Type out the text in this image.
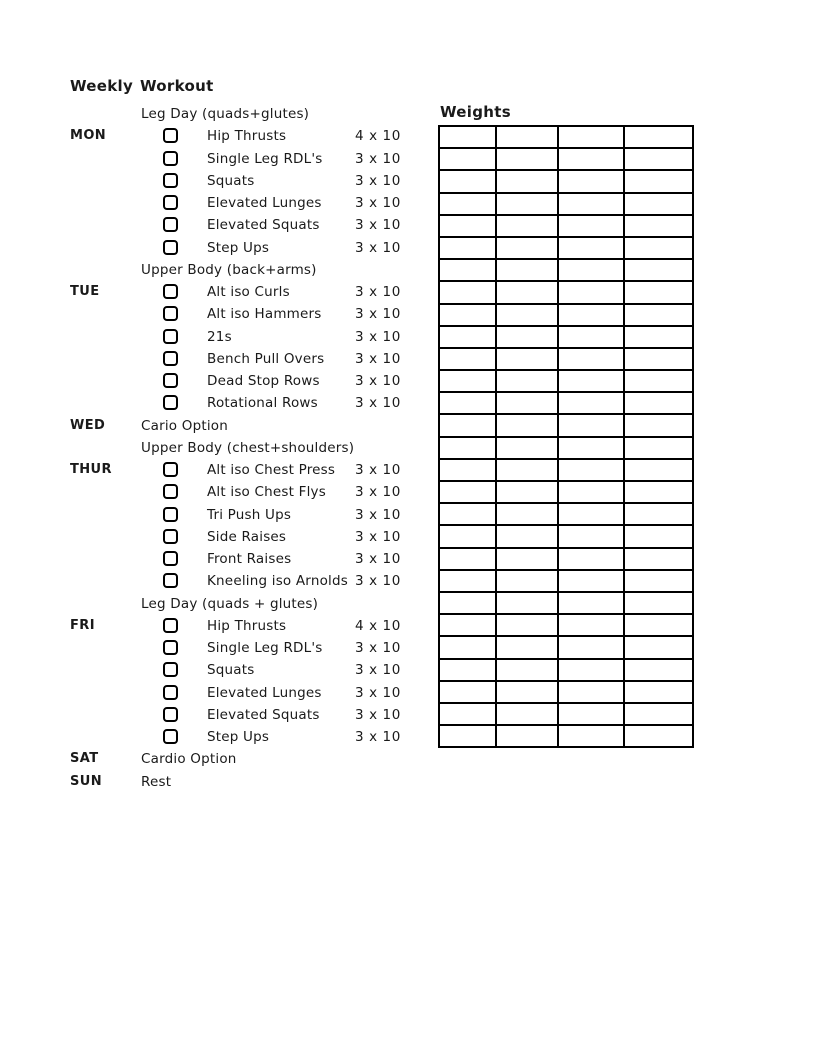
Weekly Workout
Leg Day (quads+glutes)
MON	Hip Thrusts	4 x 10
Single Leg RDL's 3 x 10
Squats	3 x 10
Elevated Lunges 3 x 10
Elevated Squats	3 x 10
Step Ups	3 x 10
Upper Body (back+arms)
TUE	Alt iso Curls	3 x 10
Alt iso Hammers 3 x 10
21s	3 x 10
Bench Pull Overs 3 x 10
Dead Stop Rows	3 x 10
Rotational Rows	3 x 10
WED	Cario Option
Upper Body (chest+shoulders)
THUR	Alt iso Chest Press 3 x 10
Alt iso Chest Flys 3 x 10
Tri Push Ups	3 x 10
Side Raises	3 x 10
Front Raises	3 x 10
Kneeling iso Arnolds 3 x 10
Leg Day (quads + glutes)
FRI	Hip Thrusts	4 x 10
Single Leg RDL's 3 x 10
Squats	3 x 10
Elevated Lunges 3 x 10
Elevated Squats	3 x 10
Step Ups	3 x 10
SAT	Cardio Option
SUN	Rest
Weights
